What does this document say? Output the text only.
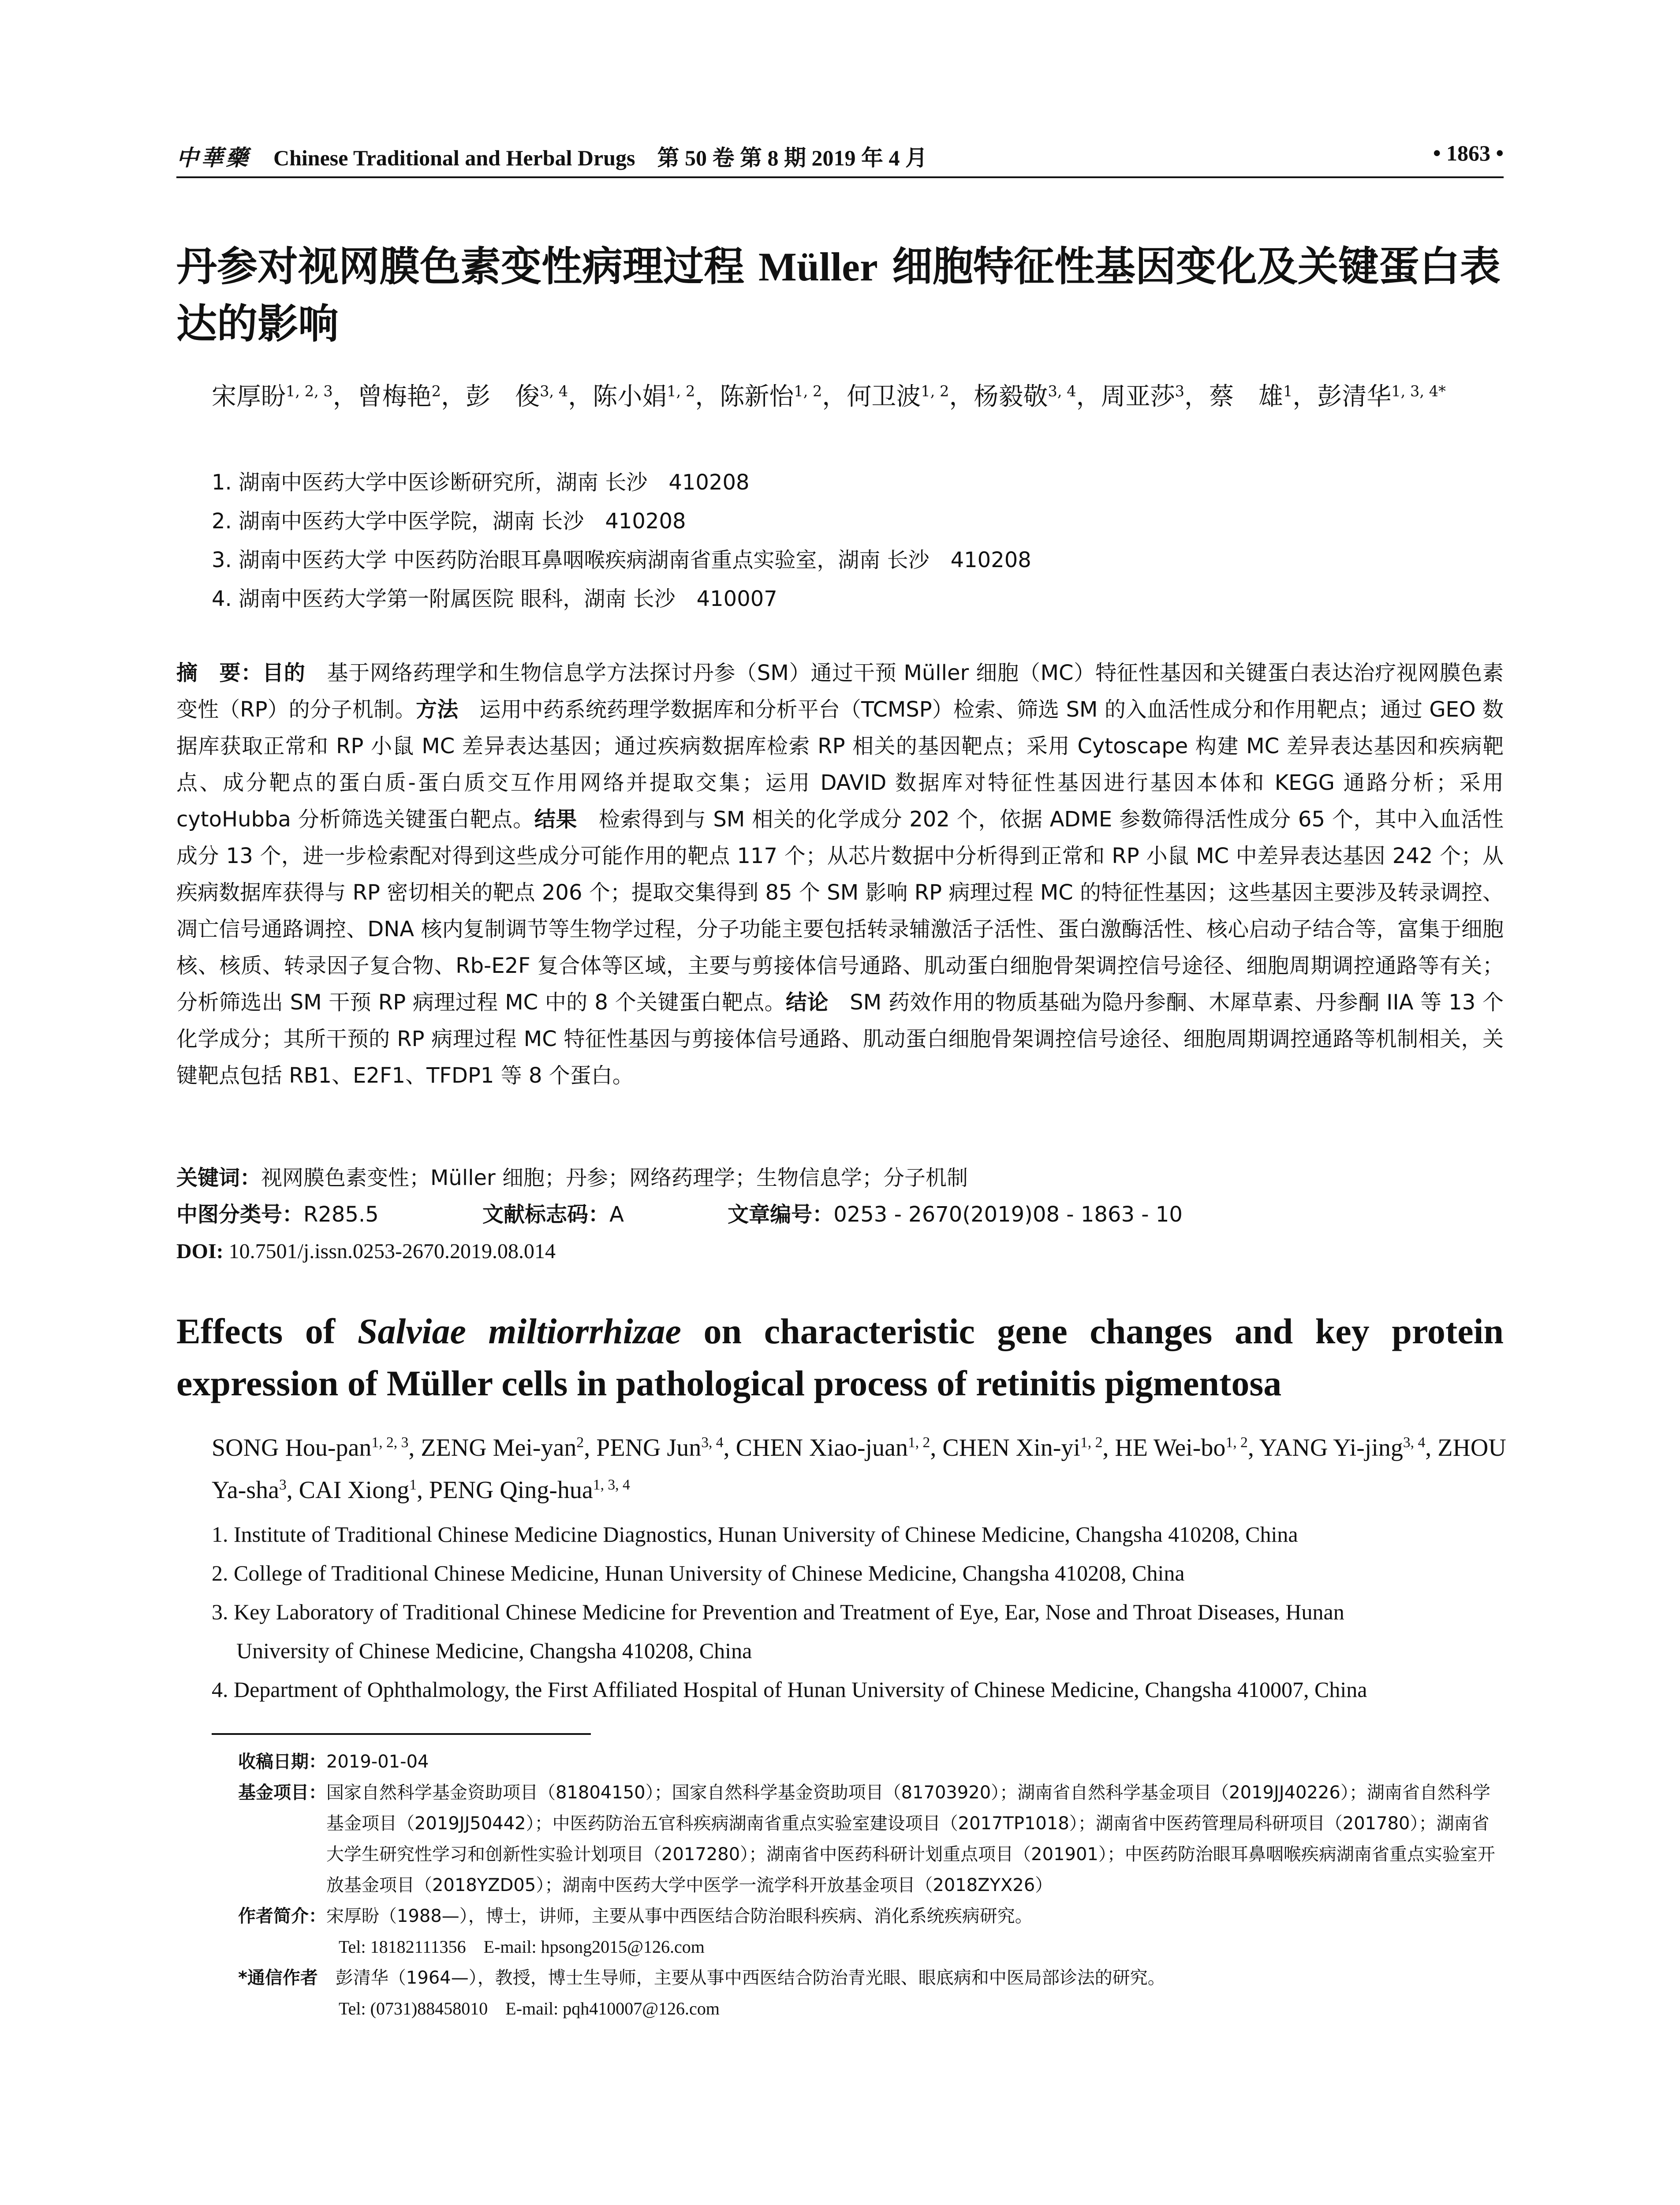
中華藥 Chinese Traditional and Herbal Drugs　第 50 卷 第 8 期 2019 年 4 月	• 1863 •
丹参对视网膜色素变性病理过程 Müller 细胞特征性基因变化及关键蛋白表达的影响
宋厚盼$^{1, 2, 3}$，曾梅艳$^2$，彭　俊$^{3, 4}$，陈小娟$^{1, 2}$，陈新怡$^{1, 2}$，何卫波$^{1, 2}$，杨毅敬$^{3, 4}$，周亚莎$^3$，蔡　雄$^1$，彭清华$^{1, 3, 4*}$
1. 湖南中医药大学中医诊断研究所，湖南 长沙　410208
2. 湖南中医药大学中医学院，湖南 长沙　410208
3. 湖南中医药大学 中医药防治眼耳鼻咽喉疾病湖南省重点实验室，湖南 长沙　410208
4. 湖南中医药大学第一附属医院 眼科，湖南 长沙　410007
摘　要：目的　基于网络药理学和生物信息学方法探讨丹参（SM）通过干预 Müller 细胞（MC）特征性基因和关键蛋白表达治疗视网膜色素变性（RP）的分子机制。方法　运用中药系统药理学数据库和分析平台（TCMSP）检索、筛选 SM 的入血活性成分和作用靶点；通过 GEO 数据库获取正常和 RP 小鼠 MC 差异表达基因；通过疾病数据库检索 RP 相关的基因靶点；采用 Cytoscape 构建 MC 差异表达基因和疾病靶点、成分靶点的蛋白质-蛋白质交互作用网络并提取交集；运用 DAVID 数据库对特征性基因进行基因本体和 KEGG 通路分析；采用 cytoHubba 分析筛选关键蛋白靶点。结果　检索得到与 SM 相关的化学成分 202 个，依据 ADME 参数筛得活性成分 65 个，其中入血活性成分 13 个，进一步检索配对得到这些成分可能作用的靶点 117 个；从芯片数据中分析得到正常和 RP 小鼠 MC 中差异表达基因 242 个；从疾病数据库获得与 RP 密切相关的靶点 206 个；提取交集得到 85 个 SM 影响 RP 病理过程 MC 的特征性基因；这些基因主要涉及转录调控、凋亡信号通路调控、DNA 核内复制调节等生物学过程，分子功能主要包括转录辅激活子活性、蛋白激酶活性、核心启动子结合等，富集于细胞核、核质、转录因子复合物、Rb-E2F 复合体等区域，主要与剪接体信号通路、肌动蛋白细胞骨架调控信号途径、细胞周期调控通路等有关；分析筛选出 SM 干预 RP 病理过程 MC 中的 8 个关键蛋白靶点。结论　SM 药效作用的物质基础为隐丹参酮、木犀草素、丹参酮 IIA 等 13 个化学成分；其所干预的 RP 病理过程 MC 特征性基因与剪接体信号通路、肌动蛋白细胞骨架调控信号途径、细胞周期调控通路等机制相关，关键靶点包括 RB1、E2F1、TFDP1 等 8 个蛋白。
关键词：视网膜色素变性；Müller 细胞；丹参；网络药理学；生物信息学；分子机制
中图分类号：R285.5	文献标志码：A	文章编号：0253 - 2670(2019)08 - 1863 - 10
DOI: 10.7501/j.issn.0253-2670.2019.08.014
Effects of Salviae miltiorrhizae on characteristic gene changes and key protein expression of Müller cells in pathological process of retinitis pigmentosa
SONG Hou-pan$^{1, 2, 3}$, ZENG Mei-yan$^2$, PENG Jun$^{3, 4}$, CHEN Xiao-juan$^{1, 2}$, CHEN Xin-yi$^{1, 2}$, HE Wei-bo$^{1, 2}$, YANG Yi-jing$^{3, 4}$, ZHOU Ya-sha$^3$, CAI Xiong$^1$, PENG Qing-hua$^{1, 3, 4}$
1. Institute of Traditional Chinese Medicine Diagnostics, Hunan University of Chinese Medicine, Changsha 410208, China
2. College of Traditional Chinese Medicine, Hunan University of Chinese Medicine, Changsha 410208, China
3. Key Laboratory of Traditional Chinese Medicine for Prevention and Treatment of Eye, Ear, Nose and Throat Diseases, Hunan
University of Chinese Medicine, Changsha 410208, China
4. Department of Ophthalmology, the First Affiliated Hospital of Hunan University of Chinese Medicine, Changsha 410007, China
收稿日期： 2019-01-04
基金项目： 国家自然科学基金资助项目（81804150）；国家自然科学基金资助项目（81703920）；湖南省自然科学基金项目（2019JJ40226）；湖南省自然科学基金项目（2019JJ50442）；中医药防治五官科疾病湖南省重点实验室建设项目（2017TP1018）；湖南省中医药管理局科研项目（201780）；湖南省大学生研究性学习和创新性实验计划项目（2017280）；湖南省中医药科研计划重点项目（201901）；中医药防治眼耳鼻咽喉疾病湖南省重点实验室开放基金项目（2018YZD05）；湖南中医药大学中医学一流学科开放基金项目（2018ZYX26）
作者简介： 宋厚盼（1988—），博士，讲师，主要从事中西医结合防治眼科疾病、消化系统疾病研究。
Tel: 18182111356　E-mail: hpsong2015@126.com
*通信作者　 彭清华（1964—），教授，博士生导师，主要从事中西医结合防治青光眼、眼底病和中医局部诊法的研究。
Tel: (0731)88458010　E-mail: pqh410007@126.com
